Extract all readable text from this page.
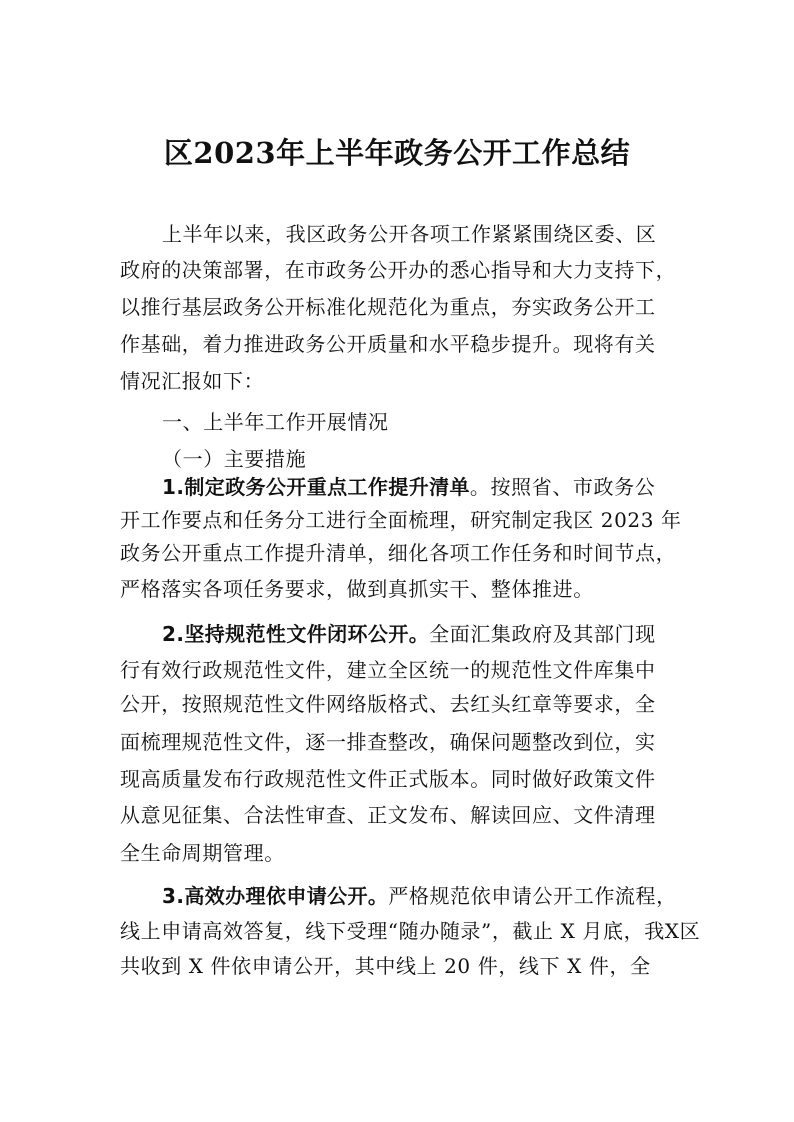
区2023年上半年政务公开工作总结
上半年以来，我区政务公开各项工作紧紧围绕区委、区
政府的决策部署，在市政务公开办的悉心指导和大力支持下，
以推行基层政务公开标准化规范化为重点，夯实政务公开工
作基础，着力推进政务公开质量和水平稳步提升。现将有关
情况汇报如下：
一、上半年工作开展情况
（一）主要措施
1.制定政务公开重点工作提升清单。按照省、市政务公
开工作要点和任务分工进行全面梳理，研究制定我区 2023 年
政务公开重点工作提升清单，细化各项工作任务和时间节点，
严格落实各项任务要求，做到真抓实干、整体推进。
2.坚持规范性文件闭环公开。全面汇集政府及其部门现
行有效行政规范性文件，建立全区统一的规范性文件库集中
公开，按照规范性文件网络版格式、去红头红章等要求，全
面梳理规范性文件，逐一排查整改，确保问题整改到位，实
现高质量发布行政规范性文件正式版本。同时做好政策文件
从意见征集、合法性审查、正文发布、解读回应、文件清理
全生命周期管理。
3.高效办理依申请公开。严格规范依申请公开工作流程，
线上申请高效答复，线下受理“随办随录”，截止 X 月底，我X区
共收到 X 件依申请公开，其中线上 20 件，线下 X 件，全
